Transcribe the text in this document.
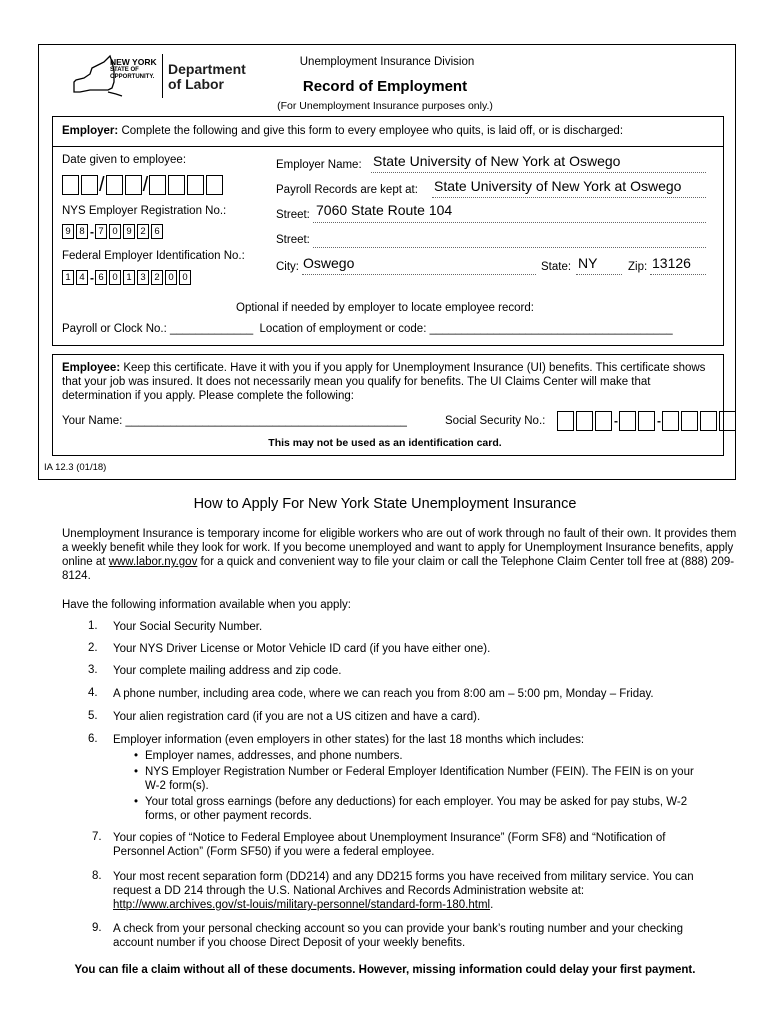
NEW YORK
STATE OF
OPPORTUNITY. Department
of Labor
Unemployment Insurance Division
Record of Employment
(For Unemployment Insurance purposes only.)
Employer: Complete the following and give this form to every employee who quits, is laid off, or is discharged:
Date given to employee:
/ /
NYS Employer Registration No.:
9 8 - 7 0 9 2 6
Federal Employer Identification No.:
1 4 - 6 0 1 3 2 0 0
Employer Name: State University of New York at Oswego
Payroll Records are kept at: State University of New York at Oswego
Street: 7060 State Route 104
Street:
City: Oswego	State: NY	Zip: 13126
Optional if needed by employer to locate employee record:
Payroll or Clock No.: _____________  Location of employment or code: ______________________________________
Employee: Keep this certificate. Have it with you if you apply for Unemployment Insurance (UI) benefits. This certificate shows that your job was insured. It does not necessarily mean you qualify for benefits. The UI Claims Center will make that determination if you apply. Please complete the following:
Your Name: ____________________________________________	Social Security No.:	-	-
This may not be used as an identification card.
IA 12.3 (01/18)
How to Apply For New York State Unemployment Insurance
Unemployment Insurance is temporary income for eligible workers who are out of work through no fault of their own. It provides them a weekly benefit while they look for work. If you become unemployed and want to apply for Unemployment Insurance benefits, apply online at www.labor.ny.gov for a quick and convenient way to file your claim or call the Telephone Claim Center toll free at (888) 209-8124.
Have the following information available when you apply:
1. Your Social Security Number.
2. Your NYS Driver License or Motor Vehicle ID card (if you have either one).
3. Your complete mailing address and zip code.
4. A phone number, including area code, where we can reach you from 8:00 am – 5:00 pm, Monday – Friday.
5. Your alien registration card (if you are not a US citizen and have a card).
6. Employer information (even employers in other states) for the last 18 months which includes:
7. Your copies of “Notice to Federal Employee about Unemployment Insurance” (Form SF8) and “Notification of Personnel Action” (Form SF50) if you were a federal employee.
8. Your most recent separation form (DD214) and any DD215 forms you have received from military service. You can request a DD 214 through the U.S. National Archives and Records Administration website at:
9. A check from your personal checking account so you can provide your bank’s routing number and your checking account number if you choose Direct Deposit of your weekly benefits.
• Employer names, addresses, and phone numbers.
• NYS Employer Registration Number or Federal Employer Identification Number (FEIN). The FEIN is on your W-2 form(s).
• Your total gross earnings (before any deductions) for each employer. You may be asked for pay stubs, W-2 forms, or other payment records.
http://www.archives.gov/st-louis/military-personnel/standard-form-180.html.
You can file a claim without all of these documents. However, missing information could delay your first payment.
